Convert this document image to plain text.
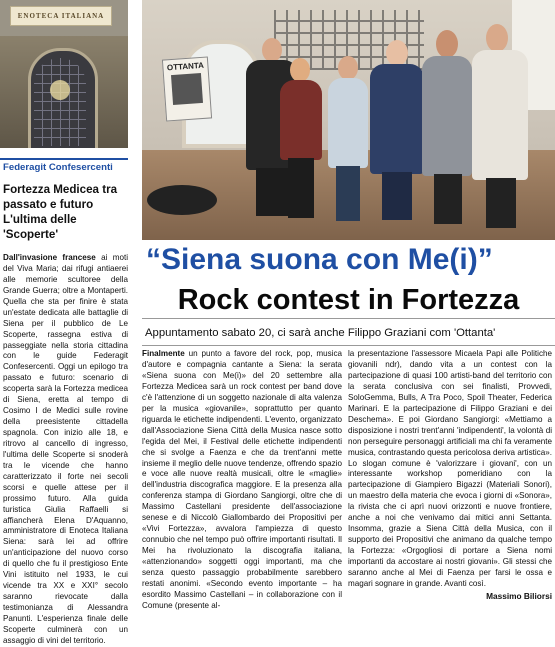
ENOTECA ITALIANA
Federagit Confesercenti
Fortezza Medicea tra passato e futuro L'ultima delle 'Scoperte'
Dall'invasione francese ai moti del Viva Maria; dai rifugi antiaerei alle memorie scultoree della Grande Guerra; oltre a Montaperti. Quella che sta per finire è stata un'estate dedicata alle battaglie di Siena per il pubblico de Le Scoperte, rassegna estiva di passeggiate nella storia cittadina con le guide Federagit Confesercenti. Oggi un epilogo tra passato e futuro: scenario di scoperta sarà la Fortezza medicea di Siena, eretta al tempo di Cosimo I de Medici sulle rovine della preesistente cittadella spagnola. Con inizio alle 18, e ritrovo al cancello di ingresso, l'ultima delle Scoperte si snoderà tra le vicende che hanno caratterizzato il forte nei secoli scorsi e quelle attese per il prossimo futuro. Alla guida turistica Giulia Raffaelli si affiancherà Elena D'Aquanno, amministratore di Enoteca Italiana Siena: sarà lei ad offrire un'anticipazione del nuovo corso di quello che fu il prestigioso Ente Vini istituito nel 1933, le cui vicende tra XX e XXI° secolo saranno rievocate dalla testimonianza di Alessandra Panunti. L'esperienza finale delle Scoperte culminerà con un assaggio di vini del territorio.
OTTANTA
“Siena suona con Me(i)”
Rock contest in Fortezza
Appuntamento sabato 20, ci sarà anche Filippo Graziani com 'Ottanta'
Finalmente un punto a favore del rock, pop, musica d'autore e compagnia cantante a Siena: la serata «Siena suona con Me(i)» del 20 settembre alla Fortezza Medicea sarà un rock contest per band dove c'è l'attenzione di un soggetto nazionale di alta valenza per la musica «giovanile», soprattutto per quanto riguarda le etichette indipendenti. L'evento, organizzato dall'Associazione Siena Città della Musica nasce sotto l'egida del Mei, il Festival delle etichette indipendenti che si svolge a Faenza e che da trent'anni mette insieme il meglio delle nuove tendenze, offrendo spazio e voce alle nuove realtà musicali, oltre le «maglie» dell'industria discografica maggiore. E la presenza alla conferenza stampa di Giordano Sangiorgi, oltre che di Massimo Castellani presidente dell'associazione senese e di Niccolò Giallombardo dei Propositivi per «Vivi Fortezza», avvalora l'ampiezza di questo connubio che nel tempo può offrire importanti risultati. Il Mei ha rivoluzionato la discografia italiana, «attenzionando» soggetti oggi importanti, ma che senza questo passaggio probabilmente sarebbero restati anonimi. «Secondo evento importante – ha esordito Massimo Castellani – in collaborazione con il Comune (presente al-
la presentazione l'assessore Micaela Papi alle Politiche giovanili ndr), dando vita a un contest con la partecipazione di quasi 100 artisti-band del territorio con la serata conclusiva con sei finalisti, Provvedi, SoloGemma, Bulls, A Tra Poco, Spoil Theater, Federica Marinari. E la partecipazione di Filippo Graziani e dei Deschema». E poi Giordano Sangiorgi: «Mettiamo a disposizione i nostri trent'anni 'indipendenti', la volontà di non perseguire personaggi artificiali ma chi fa veramente musica, contrastando questa pericolosa deriva artistica». Lo slogan comune è 'valorizzare i giovani', con un interessante workshop pomeridiano con la partecipazione di Giampiero Bigazzi (Materiali Sonori), un maestro della materia che evoca i giorni di «Sonora», la rivista che ci aprì nuovi orizzonti e nuove frontiere, anche a noi che venivamo dai mitici anni Settanta. Insomma, grazie a Siena Città della Musica, con il supporto dei Propositivi che animano da qualche tempo la Fortezza: «Orgogliosi di portare a Siena nomi importanti da accostare ai nostri giovani». Gli stessi che saranno anche al Mei di Faenza per farsi le ossa e magari sognare in grande. Avanti così.
Massimo Biliorsi
